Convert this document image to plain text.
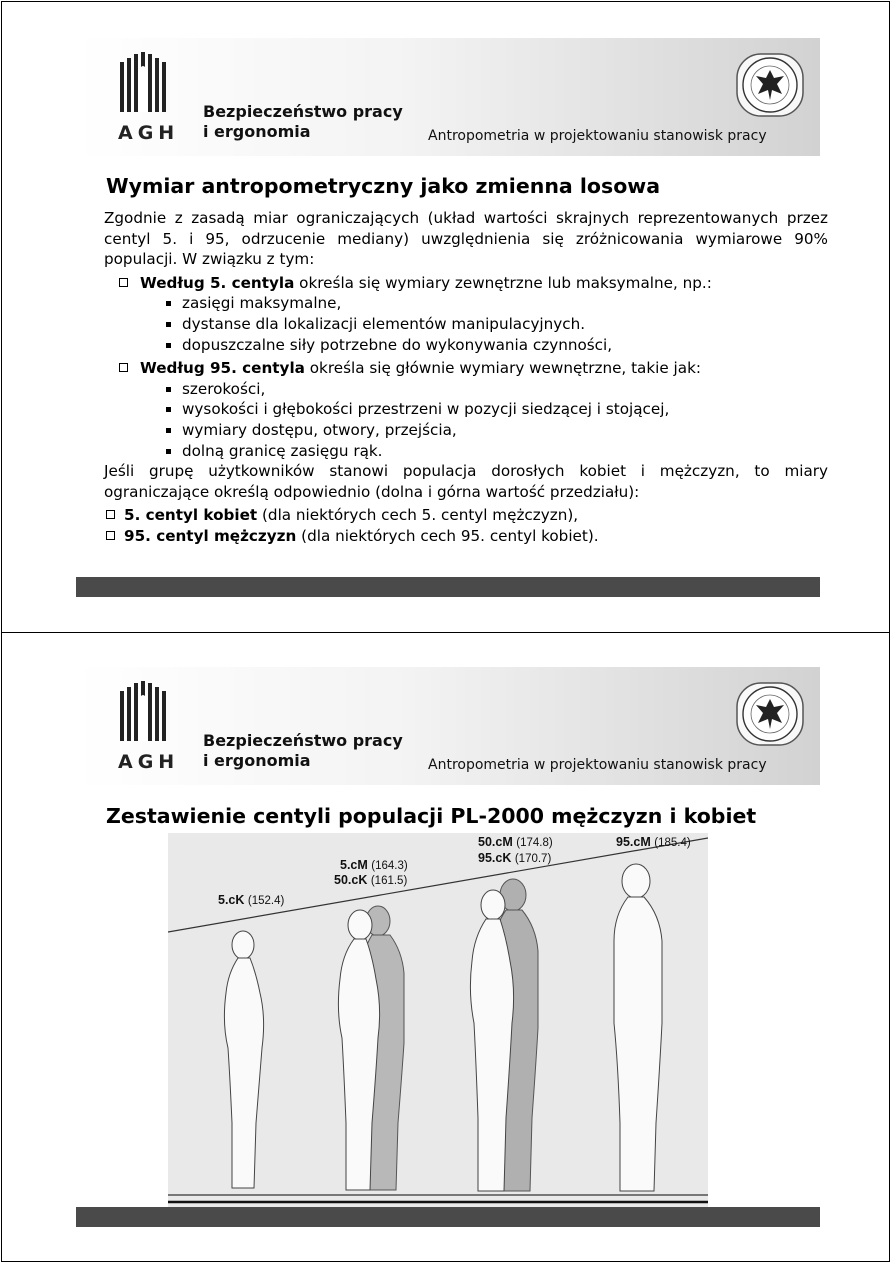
AGH
Bezpieczeństwo pracy
i ergonomia	Antropometria w projektowaniu stanowisk pracy
Wymiar antropometryczny jako zmienna losowa
Zgodnie z zasadą miar ograniczających (układ wartości skrajnych reprezentowanych przez centyl 5. i 95, odrzucenie mediany) uwzględnienia się zróżnicowania wymiarowe 90% populacji. W związku z tym:
Według 5. centyla określa się wymiary zewnętrzne lub maksymalne, np.:
zasięgi maksymalne,
dystanse dla lokalizacji elementów manipulacyjnych.
dopuszczalne siły potrzebne do wykonywania czynności,
Według 95. centyla określa się głównie wymiary wewnętrzne, takie jak:
szerokości,
wysokości i głębokości przestrzeni w pozycji siedzącej i stojącej,
wymiary dostępu, otwory, przejścia,
dolną granicę zasięgu rąk.
Jeśli grupę użytkowników stanowi populacja dorosłych kobiet i mężczyzn, to miary ograniczające określą odpowiednio (dolna i górna wartość przedziału):
5. centyl kobiet (dla niektórych cech 5. centyl mężczyzn),
95. centyl mężczyzn (dla niektórych cech 95. centyl kobiet).
AGH
Bezpieczeństwo pracy
i ergonomia	Antropometria w projektowaniu stanowisk pracy
Zestawienie centyli populacji PL-2000 mężczyzn i kobiet
5.cK (152.4)
5.cM (164.3)
50.cK (161.5)
50.cM (174.8)
95.cK (170.7)
95.cM (185.4)
